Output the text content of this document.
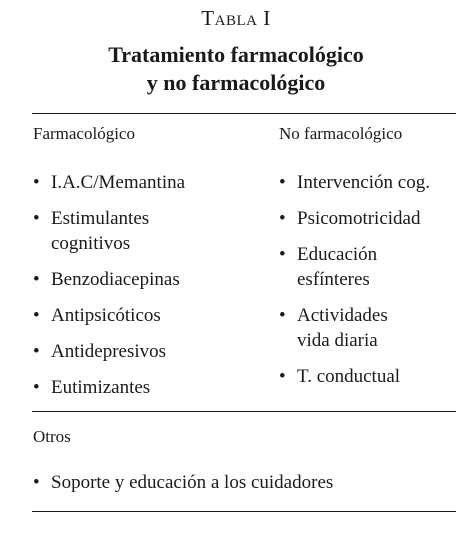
Tabla I
Tratamiento farmacológico
y no farmacológico
Farmacológico	No farmacológico
• I.A.C/Memantina
• Estimulantes
cognitivos
• Benzodiacepinas
• Antipsicóticos
• Antidepresivos
• Eutimizantes
• Intervención cog.
• Psicomotricidad
• Educación
esfínteres
• Actividades
vida diaria
• T. conductual
Otros
• Soporte y educación a los cuidadores
